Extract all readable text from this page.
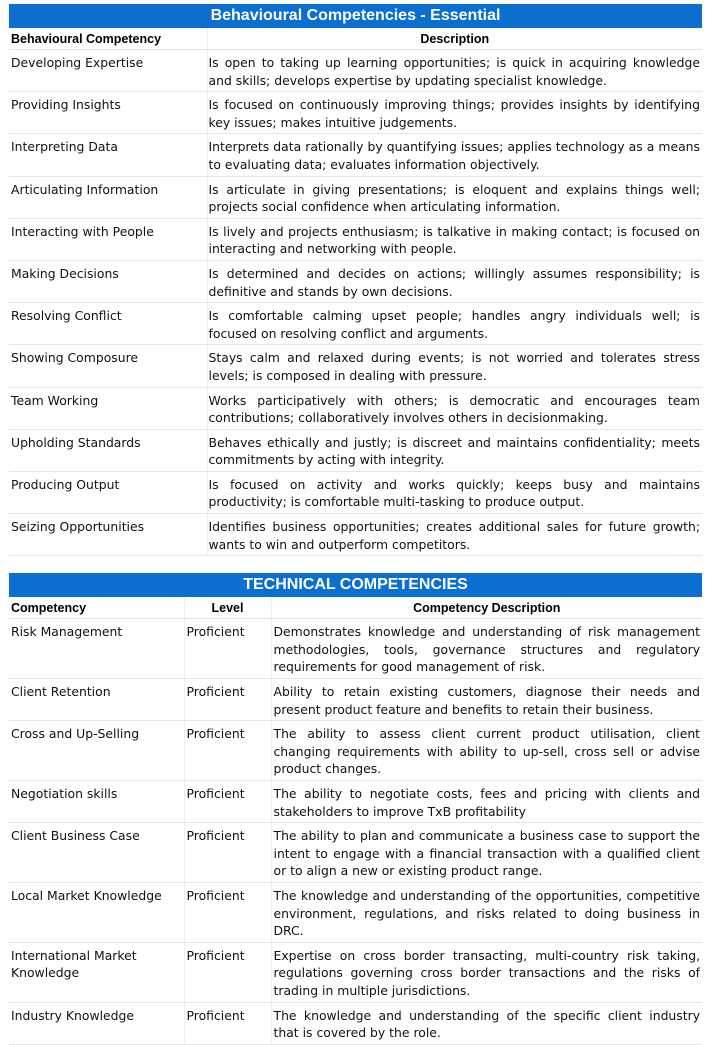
Behavioural Competencies - Essential	
Behavioural Competency	Description
Developing Expertise	Is open to taking up learning opportunities; is quick in acquiring knowledge and skills; develops expertise by updating specialist knowledge.
Providing Insights	Is focused on continuously improving things; provides insights by identifying key issues; makes intuitive judgements.
Interpreting Data	Interprets data rationally by quantifying issues; applies technology as a means to evaluating data; evaluates information objectively.
Articulating Information	Is articulate in giving presentations; is eloquent and explains things well; projects social confidence when articulating information.
Interacting with People	Is lively and projects enthusiasm; is talkative in making contact; is focused on interacting and networking with people.
Making Decisions	Is determined and decides on actions; willingly assumes responsibility; is definitive and stands by own decisions.
Resolving Conflict	Is comfortable calming upset people; handles angry individuals well; is focused on resolving conflict and arguments.
Showing Composure	Stays calm and relaxed during events; is not worried and tolerates stress levels; is composed in dealing with pressure.
Team Working	Works participatively with others; is democratic and encourages team contributions; collaboratively involves others in decisionmaking.
Upholding Standards	Behaves ethically and justly; is discreet and maintains confidentiality; meets commitments by acting with integrity.
Producing Output	Is focused on activity and works quickly; keeps busy and maintains productivity; is comfortable multi-tasking to produce output.
Seizing Opportunities	Identifies business opportunities; creates additional sales for future growth; wants to win and outperform competitors.
TECHNICAL COMPETENCIES		
Competency	Level	Competency Description
Risk Management	Proficient	Demonstrates knowledge and understanding of risk management methodologies, tools, governance structures and regulatory requirements for good management of risk.
Client Retention	Proficient	Ability to retain existing customers, diagnose their needs and present product feature and benefits to retain their business.
Cross and Up-Selling	Proficient	The ability to assess client current product utilisation, client changing requirements with ability to up-sell, cross sell or advise product changes.
Negotiation skills	Proficient	The ability to negotiate costs, fees and pricing with clients and stakeholders to improve TxB profitability
Client Business Case	Proficient	The ability to plan and communicate a business case to support the intent to engage with a financial transaction with a qualified client or to align a new or existing product range.
Local Market Knowledge	Proficient	The knowledge and understanding of the opportunities, competitive environment, regulations, and risks related to doing business in DRC.
International Market Knowledge	Proficient	Expertise on cross border transacting, multi-country risk taking, regulations governing cross border transactions and the risks of trading in multiple jurisdictions.
Industry Knowledge	Proficient	The knowledge and understanding of the specific client industry that is covered by the role.
